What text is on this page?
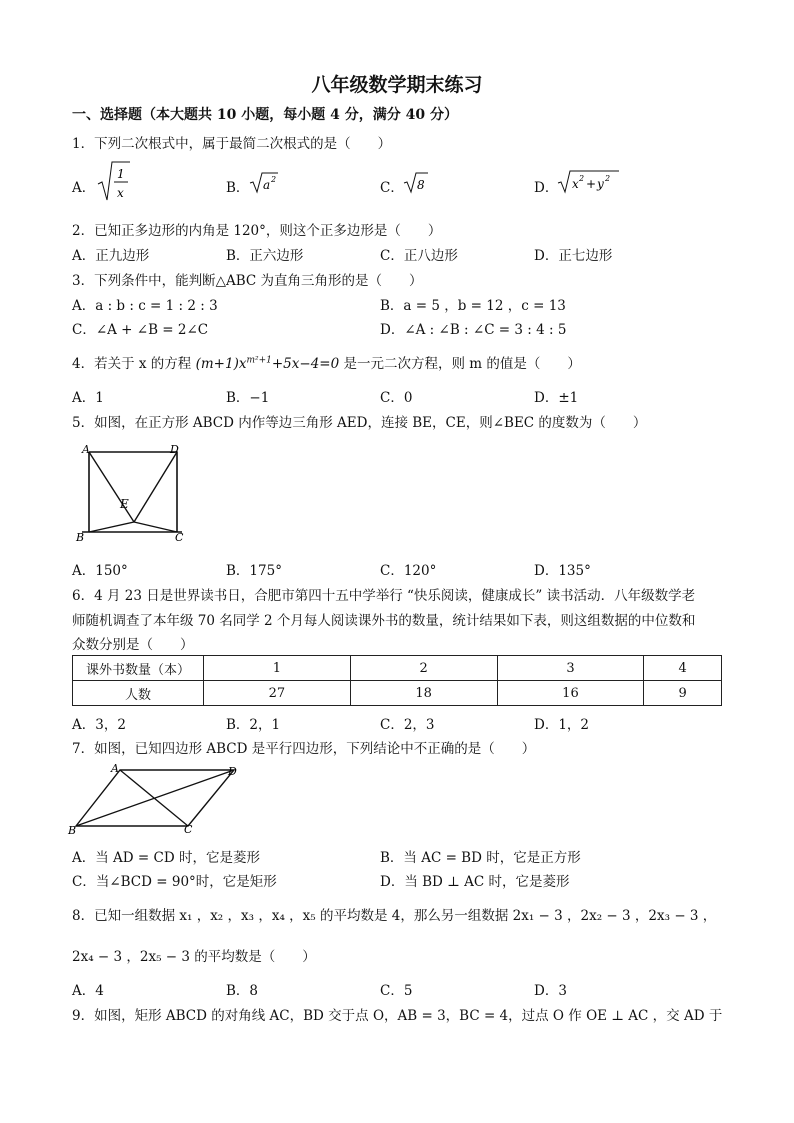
八年级数学期末练习
一、选择题（本大题共 10 小题，每小题 4 分，满分 40 分）
1．下列二次根式中，属于最简二次根式的是（　　）
A．
1
x	B． a 2
C． 8	D． x 2 + y 2
2．已知正多边形的内角是 120°，则这个正多边形是（　　）
A．正九边形	B．正六边形	C．正八边形	D．正七边形
3．下列条件中，能判断△ABC 为直角三角形的是（　　）
A．a : b : c = 1 : 2 : 3	B．a = 5 ，b = 12 ，c = 13
C．∠A + ∠B = 2∠C	D．∠A : ∠B : ∠C = 3 : 4 : 5
4．若关于 x 的方程 $(m+1)x^{m^2+1}+5x-4=0$ 是一元二次方程，则 m 的值是（　　）
A．1	B．−1	C．0	D．±1
5．如图，在正方形 ABCD 内作等边三角形 AED，连接 BE，CE，则∠BEC 的度数为（　　）
A	D
E
B	C
A．150°	B．175°	C．120°	D．135°
6．4 月 23 日是世界读书日，合肥市第四十五中学举行 “快乐阅读，健康成长” 读书活动．八年级数学老
师随机调查了本年级 70 名同学 2 个月每人阅读课外书的数量，统计结果如下表，则这组数据的中位数和
众数分别是（　　）
课外书数量（本）	1	2	3	4
人数	27	18	16	9
A．3，2	B．2，1	C．2，3	D．1，2
7．如图，已知四边形 ABCD 是平行四边形，下列结论中不正确的是（　　）
A	D
B	C
A．当 AD = CD 时，它是菱形	B．当 AC = BD 时，它是正方形
C．当∠BCD = 90°时，它是矩形	D．当 BD ⊥ AC 时，它是菱形
8．已知一组数据 x₁ ，x₂ ，x₃ ，x₄ ，x₅ 的平均数是 4，那么另一组数据 2x₁ − 3 ，2x₂ − 3 ，2x₃ − 3 ，
2x₄ − 3 ，2x₅ − 3 的平均数是（　　）
A．4	B．8	C．5	D．3
9．如图，矩形 ABCD 的对角线 AC，BD 交于点 O，AB = 3，BC = 4，过点 O 作 OE ⊥ AC ，交 AD 于
